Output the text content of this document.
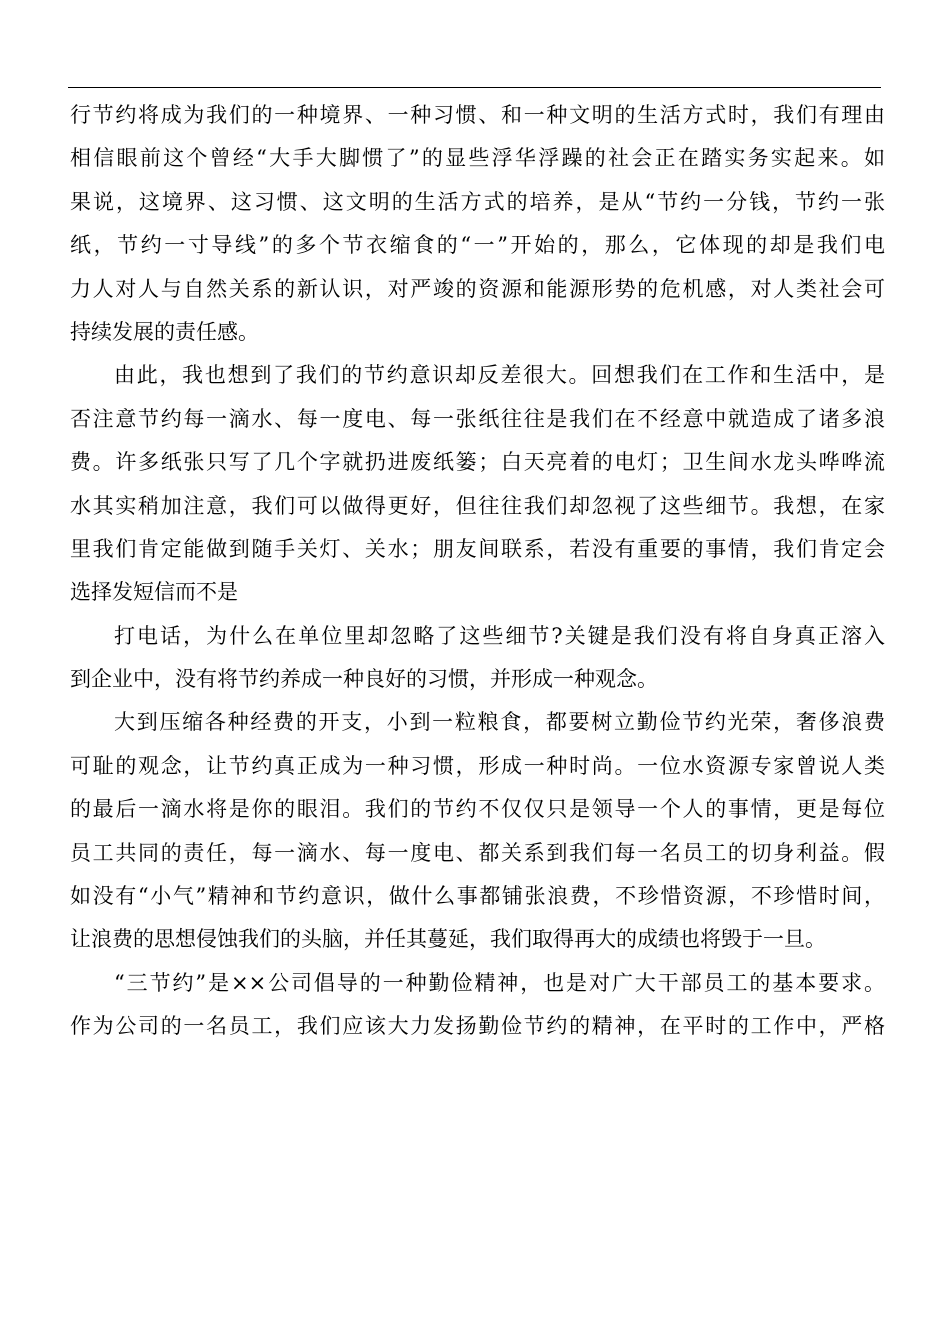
行节约将成为我们的一种境界、一种习惯、和一种文明的生活方式时，我们有理由
相信眼前这个曾经“大手大脚惯了”的显些浮华浮躁的社会正在踏实务实起来。如
果说，这境界、这习惯、这文明的生活方式的培养，是从“节约一分钱，节约一张
纸，节约一寸导线”的多个节衣缩食的“一”开始的，那么，它体现的却是我们电
力人对人与自然关系的新认识，对严竣的资源和能源形势的危机感，对人类社会可
持续发展的责任感。
由此，我也想到了我们的节约意识却反差很大。回想我们在工作和生活中，是
否注意节约每一滴水、每一度电、每一张纸往往是我们在不经意中就造成了诸多浪
费。许多纸张只写了几个字就扔进废纸篓；白天亮着的电灯；卫生间水龙头哗哗流
水其实稍加注意，我们可以做得更好，但往往我们却忽视了这些细节。我想，在家
里我们肯定能做到随手关灯、关水；朋友间联系，若没有重要的事情，我们肯定会
选择发短信而不是
打电话，为什么在单位里却忽略了这些细节?关键是我们没有将自身真正溶入
到企业中，没有将节约养成一种良好的习惯，并形成一种观念。
大到压缩各种经费的开支，小到一粒粮食，都要树立勤俭节约光荣，奢侈浪费
可耻的观念，让节约真正成为一种习惯，形成一种时尚。一位水资源专家曾说人类
的最后一滴水将是你的眼泪。我们的节约不仅仅只是领导一个人的事情，更是每位
员工共同的责任，每一滴水、每一度电、都关系到我们每一名员工的切身利益。假
如没有“小气”精神和节约意识，做什么事都铺张浪费，不珍惜资源，不珍惜时间，
让浪费的思想侵蚀我们的头脑，并任其蔓延，我们取得再大的成绩也将毁于一旦。
“三节约”是××公司倡导的一种勤俭精神，也是对广大干部员工的基本要求。
作为公司的一名员工，我们应该大力发扬勤俭节约的精神，在平时的工作中，严格
